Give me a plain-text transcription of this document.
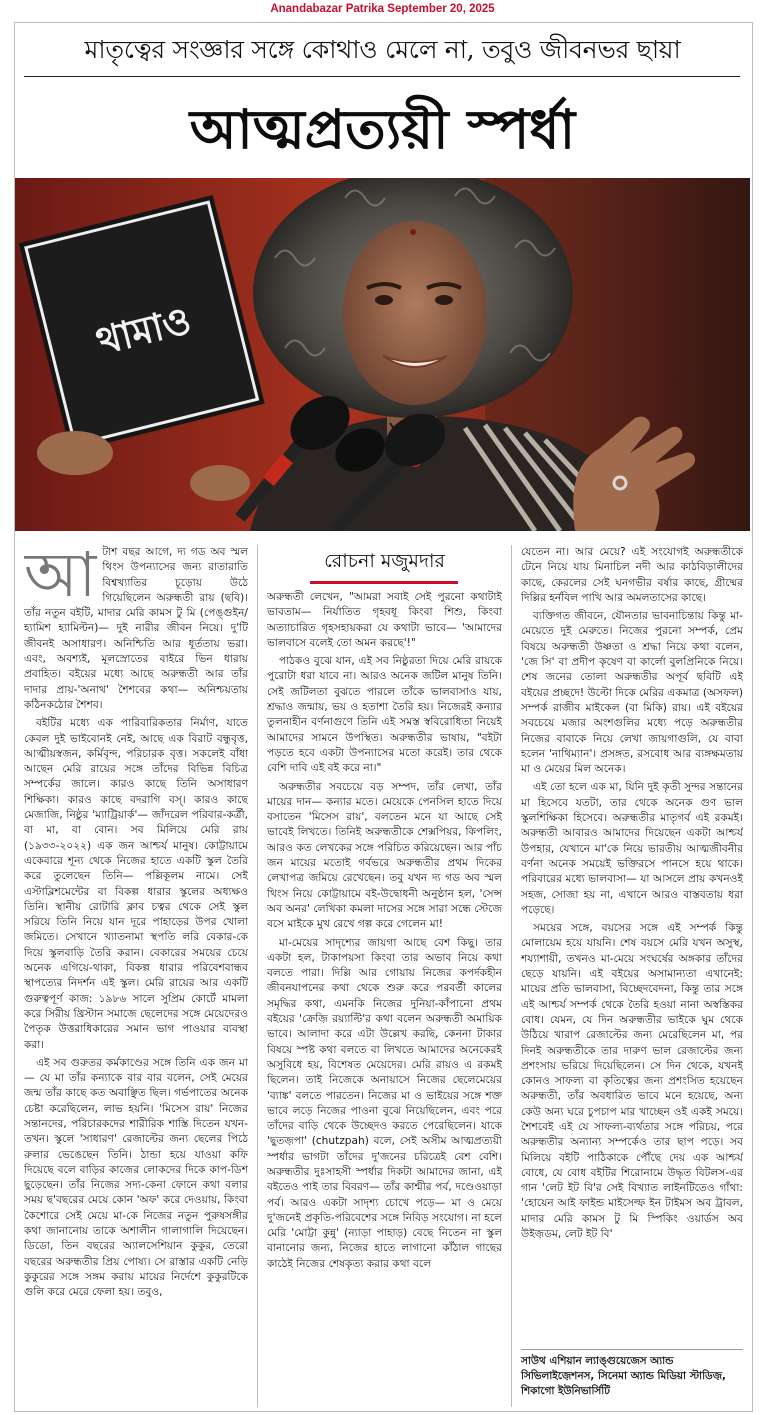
Anandabazar Patrika September 20, 2025
মাতৃত্বের সংজ্ঞার সঙ্গে কোথাও মেলে না, তবুও জীবনভর ছায়া
আত্মপ্রত্যয়ী স্পর্ধা
থামাও
রোচনা মজুমদার
আ টাশ বছর আগে, দ্য গড অব স্মল থিংস উপন্যাসের জন্য রাতারাতি বিশ্বখ্যাতির চূড়োয় উঠে গিয়েছিলেন অরুন্ধতী রায় (ছবি)। তাঁর নতুন বইটি, মাদার মেরি কামস টু মি (পেঙ্গুইন/ হ্যামিশ হ্যামিল্টন)— দুই নারীর জীবন নিয়ে। দু'টি জীবনই অসাধারণ। অনিশ্চিতি আর ধূর্ততায় ভরা। এবং, অবশ্যই, মূলস্রোতের বাইরে ভিন ধারায় প্রবাহিত। বইয়ের মধ্যে আছে অরুন্ধতী আর তাঁর দাদার প্রায়-'অনাথ' শৈশবের কথা— অনিশ্চয়তায় কঠিনকঠোর শৈশব।

বইটির মধ্যে এক পারিবারিকতার নির্মাণ, যাতে কেবল দুই ভাইবোনই নেই, আছে এক বিরাট বন্ধুবৃত্ত, আত্মীয়স্বজন, কর্মিবৃন্দ, পরিচারক বৃত্ত। সকলেই বাঁধা আছেন মেরি রায়ের সঙ্গে তাঁদের বিভিন্ন বিচিত্র সম্পর্কের জালে। কারও কাছে তিনি অসাধারণ শিক্ষিকা। কারও কাছে বদরাগি বস্। কারও কাছে মেজাজি, নিষ্ঠুর 'ম্যাট্রিয়ার্ক'— জাঁদরেল পরিবার-কর্ত্রী, বা মা, বা বোন। সব মিলিয়ে মেরি রায় (১৯৩৩-২০২২) এক জন আশ্চর্য মানুষ। কোট্টায়ামে একেবারে শূন্য থেকে নিজের হাতে একটি স্কুল তৈরি করে তুলেছেন তিনি— পল্লিকূলম নামে। সেই এস্টাব্লিশমেন্টের বা বিকল্প ধারার স্কুলের অধ্যক্ষও তিনি। স্থানীয় রোটারি ক্লাব চত্বর থেকে সেই স্কুল সরিয়ে তিনি নিয়ে যান দূরে পাহাড়ের উপর খোলা জমিতে। সেখানে খ্যাতনামা স্থপতি লরি বেকার-কে দিয়ে স্কুলবাড়ি তৈরি করান। বেকারের সময়ের চেয়ে অনেক এগিয়ে-থাকা, বিকল্প ধারার পরিবেশবান্ধব স্থাপত্যের নিদর্শন এই স্কুল। মেরি রায়ের আর একটি গুরুত্বপূর্ণ কাজ: ১৯৮৬ সালে সুপ্রিম কোর্টে মামলা করে সিরীয় খ্রিস্টান সমাজে ছেলেদের সঙ্গে মেয়েদেরও পৈতৃক উত্তরাধিকারের সমান ভাগ পাওয়ার ব্যবস্থা করা।

এই সব গুরুতর কর্মকাণ্ডের সঙ্গে তিনি এক জন মা— যে মা তাঁর কন্যাকে বার বার বলেন, সেই মেয়ের জন্ম তাঁর কাছে কত অবাঞ্ছিত ছিল। গর্ভপাতের অনেক চেষ্টা করেছিলেন, লাভ হয়নি। 'মিসেস রায়' নিজের সন্তানদের, পরিচারকদের শারীরিক শাস্তি দিতেন যখন-তখন। স্কুলে 'সাধারণ' রেজাল্টের জন্য ছেলের পিঠে রুলার ভেঙেছেন তিনি। ঠান্ডা হয়ে যাওয়া কফি দিয়েছে বলে বাড়ির কাজের লোকদের দিকে কাপ-ডিশ ছুড়েছেন। তাঁর নিজের সদ্য-কেনা ফোনে কথা বলার সময় ছ'বছরের মেয়ে কোন 'অফ' করে দেওয়ায়, কিংবা কৈশোরে সেই মেয়ে মা-কে নিজের নতুন পুরুষসঙ্গীর কথা জানানোয় তাকে অশালীন গালাগালি দিয়েছেন। ডিডো, তিন বছরের অ্যালসেশিয়ান কুকুর, তেরো বছরের অরুন্ধতীর প্রিয় পোষ্য। সে রাস্তার একটি নেড়ি কুকুরের সঙ্গে সঙ্গম করায় মায়ের নির্দেশে কুকুরটিকে গুলি করে মেরে ফেলা হয়। তবুও,

অরুন্ধতী লেখেন, "আমরা সবাই সেই পুরনো কথাটাই ভাবতাম— নির্যাতিত গৃহবধূ কিংবা শিশু, কিংবা অত্যাচারিত গৃহসহায়করা যে কথাটা ভাবে— 'আমাদের ভালবাসে বলেই তো অমন করছে'!"

পাঠকও বুঝে যান, এই সব নিষ্ঠুরতা দিয়ে মেরি রায়কে পুরোটা ধরা যাবে না। আরও অনেক জটিল মানুষ তিনি। সেই জটিলতা বুঝতে পারলে তাঁকে ভালবাসাও যায়, শ্রদ্ধাও জন্মায়, ভয় ও হতাশা তৈরি হয়। নিজেরই কন্যার তুলনাহীন বর্ণনাগুণে তিনি এই সমস্ত স্ববিরোধিতা নিয়েই আমাদের সামনে উপস্থিত। অরুন্ধতীর ভাষায়, "বইটা পড়তে হবে একটা উপন্যাসের মতো করেই। তার থেকে বেশি দাবি এই বই করে না।"

অরুন্ধতীর সবচেয়ে বড় সম্পদ, তাঁর লেখা, তাঁর মায়ের দান— কন্যার মতে। মেয়েকে পেনসিল হাতে দিয়ে বসাতেন 'মিসেস রায়', বলতেন মনে যা আছে সেই ভাবেই লিখতে। তিনিই অরুন্ধতীকে শেক্সপিয়র, কিপলিং, আরও কত লেখকের সঙ্গে পরিচিত করিয়েছেন। আর পাঁচ জন মায়ের মতোই গর্বভরে অরুন্ধতীর প্রথম দিকের লেখাপত্র জমিয়ে রেখেছেন। তবু যখন দ্য গড অব স্মল থিংস নিয়ে কোট্টায়ামে বই-উদ্বোধনী অনুষ্ঠান হল, 'সেন্স অব অনর' লেখিকা কমলা দাসের সঙ্গে সারা সন্ধে স্টেজে বসে মাইকে মুখ রেখে গল্প করে গেলেন মা!

মা-মেয়ের সাদৃশ্যের জায়গা আছে বেশ কিছু। তার একটা হল, টাকাপয়সা কিংবা তার অভাব নিয়ে কথা বলতে পারা। দিল্লি আর গোয়ায় নিজের কপর্দকহীন জীবনযাপনের কথা থেকে শুরু করে পরবর্তী কালের সমৃদ্ধির কথা, এমনকি নিজের দুনিয়া-কাঁপানো প্রথম বইয়ের 'ক্রেজ়ি রয়্যাল্টি'র কথা বলেন অরুন্ধতী অমায়িক ভাবে। আলাদা করে এটা উল্লেখ করছি, কেননা টাকার বিষয়ে স্পষ্ট কথা বলতে বা লিখতে আমাদের অনেকেরই অসুবিধে হয়, বিশেষত মেয়েদের। মেরি রায়ও এ রকমই ছিলেন। তাই নিজেকে অনায়াসে নিজের ছেলেমেয়ের 'ব্যাঙ্ক' বলতে পারতেন। নিজের মা ও ভাইয়ের সঙ্গে শক্ত ভাবে লড়ে নিজের পাওনা বুঝে নিয়েছিলেন, এবং পরে তাঁদের বাড়ি থেকে উচ্ছেদও করতে পেরেছিলেন। যাকে 'ছুতজ়পা' (chutzpah) বলে, সেই অসীম আত্মপ্রত্যয়ী স্পর্ধার ভাগটা তাঁদের দু'জনের চরিত্রেই বেশ বেশি। অরুন্ধতীর দুঃসাহসী স্পর্ধার দিকটা আমাদের জানা, এই বইতেও পাই তার বিবরণ— তাঁর কাশ্মীর পর্ব, দণ্ডেওয়াড়া পর্ব। আরও একটা সাদৃশ্য চোখে পড়ে— মা ও মেয়ে দু'জনেই প্রকৃতি-পরিবেশের সঙ্গে নিবিড় সংযোগ। না হলে মেরি 'মোট্টা কুন্নু' (ন্যাড়া পাহাড়) বেছে নিতেন না স্কুল বানানোর জন্য, নিজের হাতে লাগানো কাঁঠাল গাছের কাঠেই নিজের শেষকৃত্য করার কথা বলে

যেতেন না। আর মেয়ে? এই সংযোগই অরুন্ধতীকে টেনে নিয়ে যায় মিনাচিল নদী আর কাঠবিড়ালীদের কাছে, কেরলের সেই ঘনগভীর বর্ষার কাছে, গ্রীষ্মের দিল্লির হর্নবিল পাখি আর অমলতাসের কাছে।

ব্যক্তিগত জীবনে, যৌনতার ভাবনাচিন্তায় কিন্তু মা-মেয়েতে দুই মেরুতে। নিজের পুরনো সম্পর্ক, প্রেম বিষয়ে অরুন্ধতী উষ্ণতা ও শ্রদ্ধা নিয়ে কথা বলেন, 'জে সি' বা প্রদীপ কৃষেণ বা কার্লো বুলপ্রিনিকে নিয়ে। শেষ জনের তোলা অরুন্ধতীর অপূর্ব ছবিটি এই বইয়ের প্রচ্ছদে! উল্টো দিকে মেরির একমাত্র (অসফল) সম্পর্ক রাজীব মাইকেল (বা মিকি) রায়। এই বইয়ের সবচেয়ে মজার অংশগুলির মধ্যে পড়ে অরুন্ধতীর নিজের বাবাকে নিয়ে লেখা জায়গাগুলি, যে বাবা হলেন 'নাথিম্যান'। প্রসঙ্গত, রসবোধ আর ব্যঙ্গক্ষমতায় মা ও মেয়ের মিল অনেক।

এই তো হলে এক মা, যিনি দুই কৃতী সুন্দর সন্তানের মা হিসেবে যতটা, তার থেকে অনেক গুণ ভাল স্কুলশিক্ষিকা হিসেবে। অরুন্ধতীর মাতৃগর্ব এই রকমই। অরুন্ধতী আবারও আমাদের দিয়েছেন একটা আশ্চর্য উপহার, যেখানে মা'কে নিয়ে ভারতীয় আত্মজীবনীর বর্ণনা অনেক সময়েই ভক্তিরসে পানসে হয়ে থাকে। পরিবারের মধ্যে ভালবাসা— যা আসলে প্রায় কখনওই সহজ, সোজা হয় না, এখানে আরও বাস্তবতায় ধরা পড়েছে।

সময়ের সঙ্গে, বয়সের সঙ্গে এই সম্পর্ক কিন্তু মোলায়েম হয়ে যায়নি। শেষ বয়সে মেরি যখন অসুস্থ, শয্যাশায়ী, তখনও মা-মেয়ে সংঘর্ষের অঙ্গকার তাঁদের ছেড়ে যায়নি। এই বইয়ের অসামান্যতা এখানেই: মায়ের প্রতি ভালবাসা, বিচ্ছেদবেদনা, কিন্তু তার সঙ্গে এই আশ্চর্য সম্পর্ক থেকে তৈরি হওয়া নানা অস্বস্তিকর বোধ। যেমন, যে দিন অরুন্ধতীর ভাইকে ঘুম থেকে উঠিয়ে খারাপ রেজাল্টের জন্য মেরেছিলেন মা, পর দিনই অরুন্ধতীকে তার দারুণ ভাল রেজাল্টের জন্য প্রশংসায় ভরিয়ে দিয়েছিলেন। সে দিন থেকে, যখনই কোনও সাফল্য বা কৃতিত্বের জন্য প্রশংসিত হয়েছেন অরুন্ধতী, তাঁর অবধারিত ভাবে মনে হয়েছে, অন্য কেউ অন্য ঘরে চুপচাপ মার খাচ্ছেন ওই একই সময়ে। শৈশবেই এই যে সাফল্য-ব্যর্থতার সঙ্গে পরিচয়, পরে অরুন্ধতীর অন্যান্য সম্পর্কেও তার ছাপ পড়ে। সব মিলিয়ে বইটি পাঠিকাকে পৌঁছে দেয় এক আশ্চর্য বোধে, যে বোধ বইটির শিরোনামে উদ্ধৃত বিটলস-এর গান 'লেট ইট বি'র সেই বিখ্যাত লাইনটিতেও গাঁথা: 'হোয়েন আই ফাইন্ড মাইসেল্ফ ইন টাইমস অব ট্রাবল, মাদার মেরি কামস টু মি স্পিকিং ওয়ার্ডস অব উইজ়ডম, লেট ইট বি'

সাউথ এশিয়ান ল্যাঙ্গুয়েজেস অ্যান্ড সিভিলাইজ়েশনস, সিনেমা অ্যান্ড মিডিয়া স্টাডিজ়, শিকাগো ইউনিভার্সিটি
